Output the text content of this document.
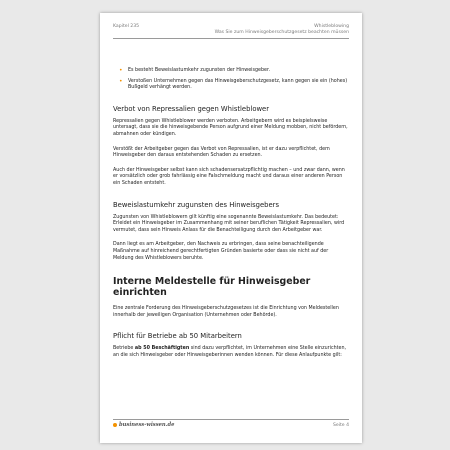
Kapitel 235	Whistleblowing
Was Sie zum Hinweisgeberschutzgesetz beachten müssen
• Es besteht Beweislastumkehr zugunsten der Hinweisgeber.
• Verstoßen Unternehmen gegen das Hinweisgeberschutzgesetz, kann gegen sie ein (hohes) Bußgeld verhängt werden.
Verbot von Repressalien gegen Whistleblower

Repressalien gegen Whistleblower werden verboten. Arbeitgebern wird es beispielsweise untersagt, dass sie die hinweisgebende Person aufgrund einer Meldung mobben, nicht befördern, abmahnen oder kündigen.

Verstößt der Arbeitgeber gegen das Verbot von Repressalien, ist er dazu verpflichtet, dem Hinweisgeber den daraus entstehenden Schaden zu ersetzen.

Auch der Hinweisgeber selbst kann sich schadensersatzpflichtig machen – und zwar dann, wenn er vorsätzlich oder grob fahrlässig eine Falschmeldung macht und daraus einer anderen Person ein Schaden entsteht.

Beweislastumkehr zugunsten des Hinweisgebers

Zugunsten von Whistleblowern gilt künftig eine sogenannte Beweislastumkehr. Das bedeutet: Erleidet ein Hinweisgeber im Zusammenhang mit seiner beruflichen Tätigkeit Repressalien, wird vermutet, dass sein Hinweis Anlass für die Benachteiligung durch den Arbeitgeber war.

Dann liegt es am Arbeitgeber, den Nachweis zu erbringen, dass seine benachteiligende Maßnahme auf hinreichend gerechtfertigten Gründen basierte oder dass sie nicht auf der Meldung des Whistleblowers beruhte.

Interne Meldestelle für Hinweisgeber einrichten

Eine zentrale Forderung des Hinweisgeberschutzgesetzes ist die Einrichtung von Meldestellen innerhalb der jeweiligen Organisation (Unternehmen oder Behörde).

Pflicht für Betriebe ab 50 Mitarbeitern

Betriebe ab 50 Beschäftigten sind dazu verpflichtet, im Unternehmen eine Stelle einzurichten, an die sich Hinweisgeber oder Hinweisgeberinnen wenden können. Für diese Anlaufpunkte gilt:

business-wissen.de	Seite 4
